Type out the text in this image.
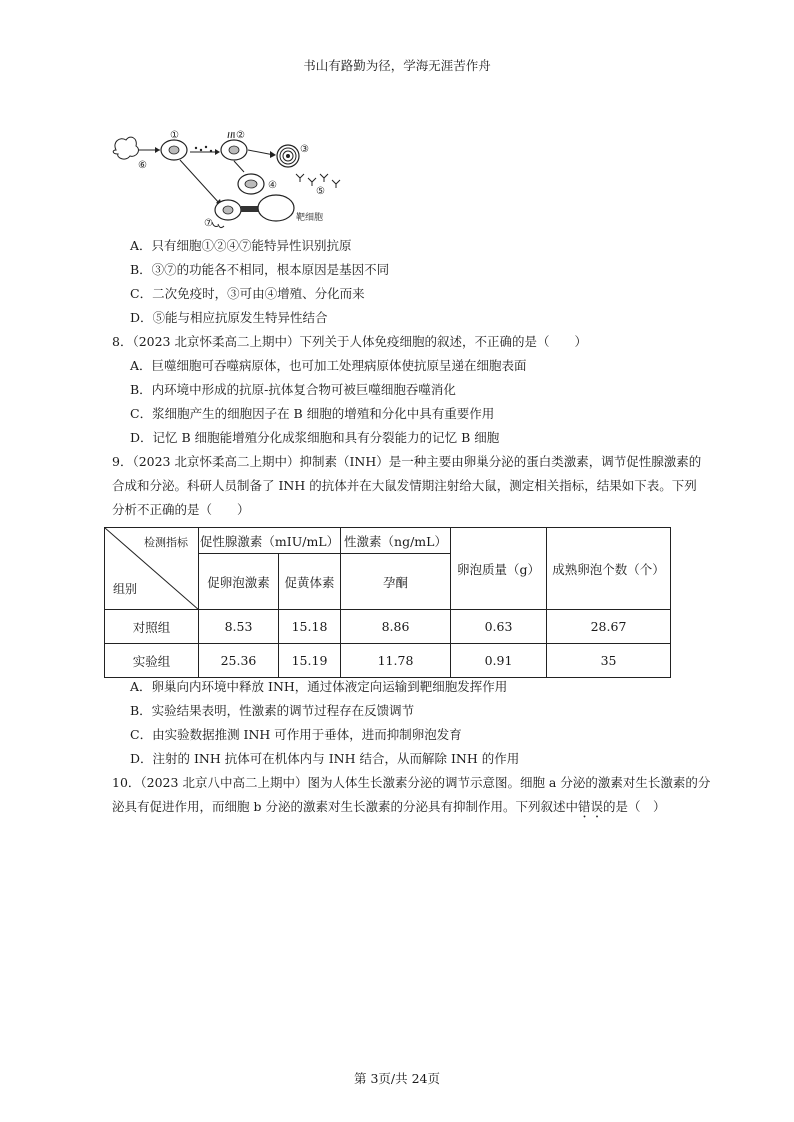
书山有路勤为径，学海无涯苦作舟
①	②
③
④
⑤
⑥
⑦	靶细胞
A．只有细胞①②④⑦能特异性识别抗原
B．③⑦的功能各不相同，根本原因是基因不同
C．二次免疫时，③可由④增殖、分化而来
D．⑤能与相应抗原发生特异性结合
8．（2023 北京怀柔高二上期中）下列关于人体免疫细胞的叙述，不正确的是（　　）
A．巨噬细胞可吞噬病原体，也可加工处理病原体使抗原呈递在细胞表面
B．内环境中形成的抗原-抗体复合物可被巨噬细胞吞噬消化
C．浆细胞产生的细胞因子在 B 细胞的增殖和分化中具有重要作用
D．记忆 B 细胞能增殖分化成浆细胞和具有分裂能力的记忆 B 细胞
9．（2023 北京怀柔高二上期中）抑制素（INH）是一种主要由卵巢分泌的蛋白类激素，调节促性腺激素的
合成和分泌。科研人员制备了 INH 的抗体并在大鼠发情期注射给大鼠，测定相关指标，结果如下表。下列
分析不正确的是（　　）
检测指标
组别	促性腺激素（mIU/mL）		性激素（ng/mL）	卵泡质量（g）	成熟卵泡个数（个）
	促卵泡激素	促黄体素	孕酮		
对照组	8.53	15.18	8.86	0.63	28.67
实验组	25.36	15.19	11.78	0.91	35
A．卵巢向内环境中释放 INH，通过体液定向运输到靶细胞发挥作用
B．实验结果表明，性激素的调节过程存在反馈调节
C．由实验数据推测 INH 可作用于垂体，进而抑制卵泡发育
D．注射的 INH 抗体可在机体内与 INH 结合，从而解除 INH 的作用
10．（2023 北京八中高二上期中）图为人体生长激素分泌的调节示意图。细胞 a 分泌的激素对生长激素的分
泌具有促进作用，而细胞 b 分泌的激素对生长激素的分泌具有抑制作用。下列叙述中错误的是（　）
第 3页/共 24页
